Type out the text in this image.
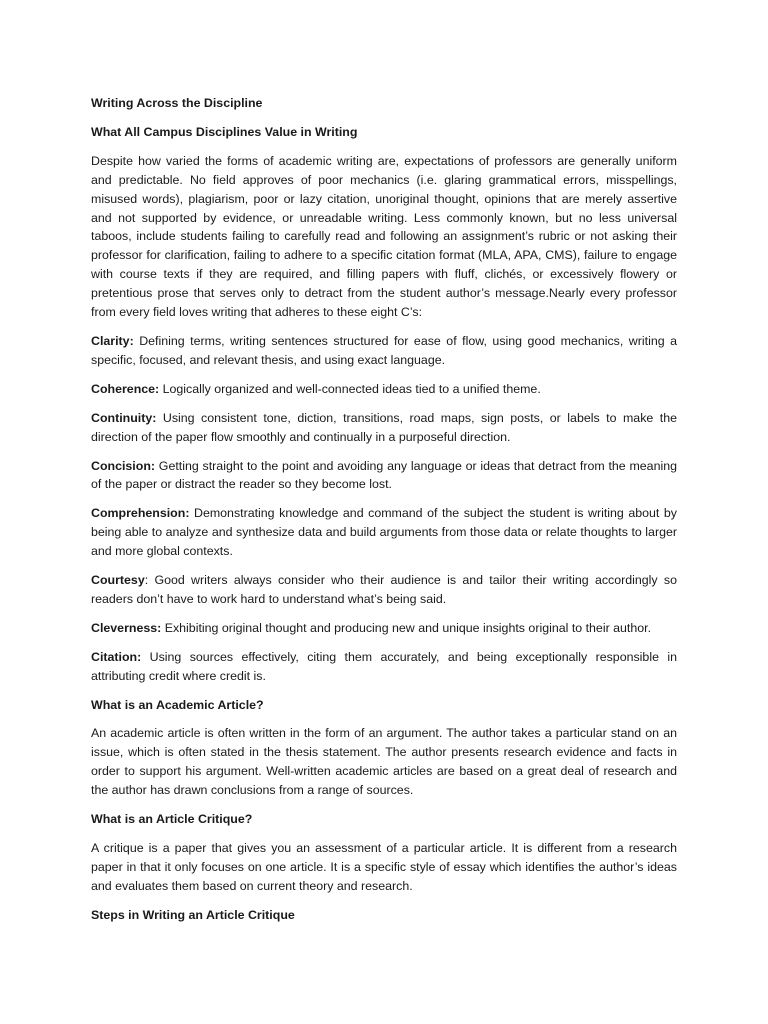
Writing Across the Discipline
What All Campus Disciplines Value in Writing

Despite how varied the forms of academic writing are, expectations of professors are generally uniform and predictable. No field approves of poor mechanics (i.e. glaring grammatical errors, misspellings, misused words), plagiarism, poor or lazy citation, unoriginal thought, opinions that are merely assertive and not supported by evidence, or unreadable writing. Less commonly known, but no less universal taboos, include students failing to carefully read and following an assignment’s rubric or not asking their professor for clarification, failing to adhere to a specific citation format (MLA, APA, CMS), failure to engage with course texts if they are required, and filling papers with fluff, clichés, or excessively flowery or pretentious prose that serves only to detract from the student author’s message.Nearly every professor from every field loves writing that adheres to these eight C’s:

Clarity: Defining terms, writing sentences structured for ease of flow, using good mechanics, writing a specific, focused, and relevant thesis, and using exact language.

Coherence: Logically organized and well-connected ideas tied to a unified theme.

Continuity: Using consistent tone, diction, transitions, road maps, sign posts, or labels to make the direction of the paper flow smoothly and continually in a purposeful direction.

Concision: Getting straight to the point and avoiding any language or ideas that detract from the meaning of the paper or distract the reader so they become lost.

Comprehension: Demonstrating knowledge and command of the subject the student is writing about by being able to analyze and synthesize data and build arguments from those data or relate thoughts to larger and more global contexts.

Courtesy: Good writers always consider who their audience is and tailor their writing accordingly so readers don’t have to work hard to understand what’s being said.

Cleverness: Exhibiting original thought and producing new and unique insights original to their author.

Citation: Using sources effectively, citing them accurately, and being exceptionally responsible in attributing credit where credit is.

What is an Academic Article?

An academic article is often written in the form of an argument. The author takes a particular stand on an issue, which is often stated in the thesis statement. The author presents research evidence and facts in order to support his argument. Well-written academic articles are based on a great deal of research and the author has drawn conclusions from a range of sources.

What is an Article Critique?

A critique is a paper that gives you an assessment of a particular article. It is different from a research paper in that it only focuses on one article. It is a specific style of essay which identifies the author’s ideas and evaluates them based on current theory and research.

Steps in Writing an Article Critique
